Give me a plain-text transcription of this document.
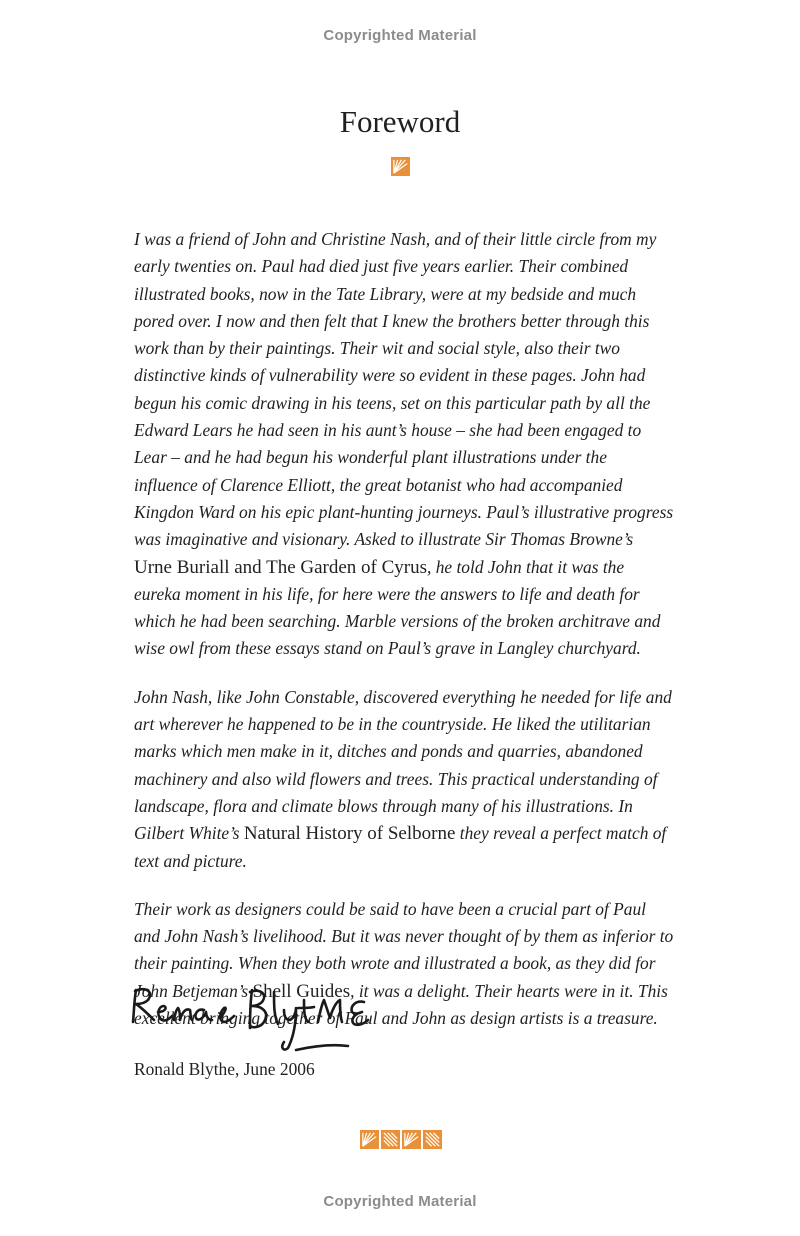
Copyrighted Material
Foreword

I was a friend of John and Christine Nash, and of their little circle from my early twenties on. Paul had died just five years earlier. Their combined illustrated books, now in the Tate Library, were at my bedside and much pored over. I now and then felt that I knew the brothers better through this work than by their paintings. Their wit and social style, also their two distinctive kinds of vulnerability were so evident in these pages. John had begun his comic drawing in his teens, set on this particular path by all the Edward Lears he had seen in his aunt’s house – she had been engaged to Lear – and he had begun his wonderful plant illustrations under the influence of Clarence Elliott, the great botanist who had accompanied Kingdon Ward on his epic plant-hunting journeys. Paul’s illustrative progress was imaginative and visionary. Asked to illustrate Sir Thomas Browne’s Urne Buriall and The Garden of Cyrus, he told John that it was the eureka moment in his life, for here were the answers to life and death for which he had been searching. Marble versions of the broken architrave and wise owl from these essays stand on Paul’s grave in Langley churchyard.

John Nash, like John Constable, discovered everything he needed for life and art wherever he happened to be in the countryside. He liked the utilitarian marks which men make in it, ditches and ponds and quarries, abandoned machinery and also wild flowers and trees. This practical understanding of landscape, flora and climate blows through many of his illustrations. In Gilbert White’s Natural History of Selborne they reveal a perfect match of text and picture.

Their work as designers could be said to have been a crucial part of Paul and John Nash’s livelihood. But it was never thought of by them as inferior to their painting. When they both wrote and illustrated a book, as they did for John Betjeman’s Shell Guides, it was a delight. Their hearts were in it. This excellent bringing together of Paul and John as design artists is a treasure.

Ronald Blythe, June 2006
Copyrighted Material
